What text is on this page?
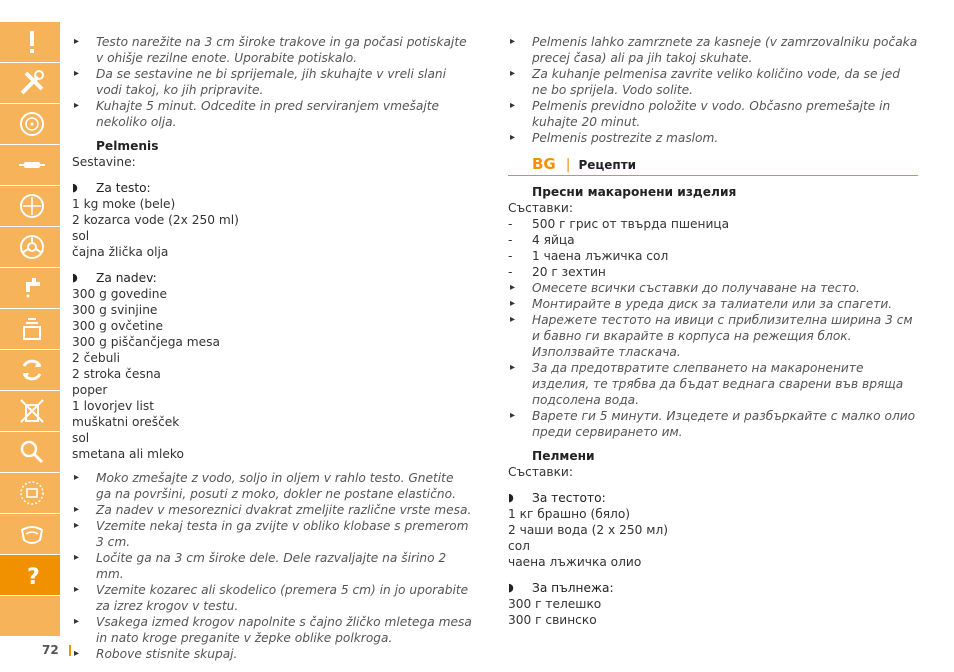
?
▸ Testo narežite na 3 cm široke trakove in ga počasi potiskajte v ohišje rezilne enote. Uporabite potiskalo.
▸ Da se sestavine ne bi sprijemale, jih skuhajte v vreli slani vodi takoj, ko jih pripravite.
▸ Kuhajte 5 minut. Odcedite in pred serviranjem vmešajte nekoliko olja.
Pelmenis
Sestavine:
◗ Za testo:
1 kg moke (bele)
2 kozarca vode (2x 250 ml)
sol
čajna žlička olja
◗ Za nadev:
300 g govedine
300 g svinjine
300 g ovčetine
300 g piščančjega mesa
2 čebuli
2 stroka česna
poper
1 lovorjev list
muškatni orešček
sol
smetana ali mleko
▸ Moko zmešajte z vodo, soljo in oljem v rahlo testo. Gnetite ga na površini, posuti z moko, dokler ne postane elastično.
▸ Za nadev v mesoreznici dvakrat zmeljite različne vrste mesa.
▸ Vzemite nekaj testa in ga zvijte v obliko klobase s premerom 3 cm.
▸ Ločite ga na 3 cm široke dele. Dele razvaljajte na širino 2 mm.
▸ Vzemite kozarec ali skodelico (premera 5 cm) in jo uporabite za izrez krogov v testu.
▸ Vsakega izmed krogov napolnite s čajno žličko mletega mesa in nato kroge preganite v žepke oblike polkroga.
▸ Robove stisnite skupaj.
▸ Pelmenis lahko zamrznete za kasneje (v zamrzovalniku počaka precej časa) ali pa jih takoj skuhate.
▸ Za kuhanje pelmenisa zavrite veliko količino vode, da se jed ne bo sprijela. Vodo solite.
▸ Pelmenis previdno položite v vodo. Občasno premešajte in kuhajte 20 minut.
▸ Pelmenis postrezite z maslom.
BG | Рецепти
Пресни макаронени изделия
Съставки:
- 500 г грис от твърда пшеница
- 4 яйца
- 1 чаена лъжичка сол
- 20 г зехтин
▸ Омесете всички съставки до получаване на тесто.
▸ Монтирайте в уреда диск за талиатели или за спагети.
▸ Нарежете тестото на ивици с приблизителна ширина 3 см и бавно ги вкарайте в корпуса на режещия блок. Използвайте тласкача.
▸ За да предотвратите слепването на макаронените изделия, те трябва да бъдат веднага сварени във вряща подсолена вода.
▸ Варете ги 5 минути. Изцедете и разбъркайте с малко олио преди сервирането им.
Пелмени
Съставки:
◗ За тестото:
1 кг брашно (бяло)
2 чаши вода (2 x 250 мл)
сол
чаена лъжичка олио
◗ За пълнежа:
300 г телешко
300 г свинско
72
